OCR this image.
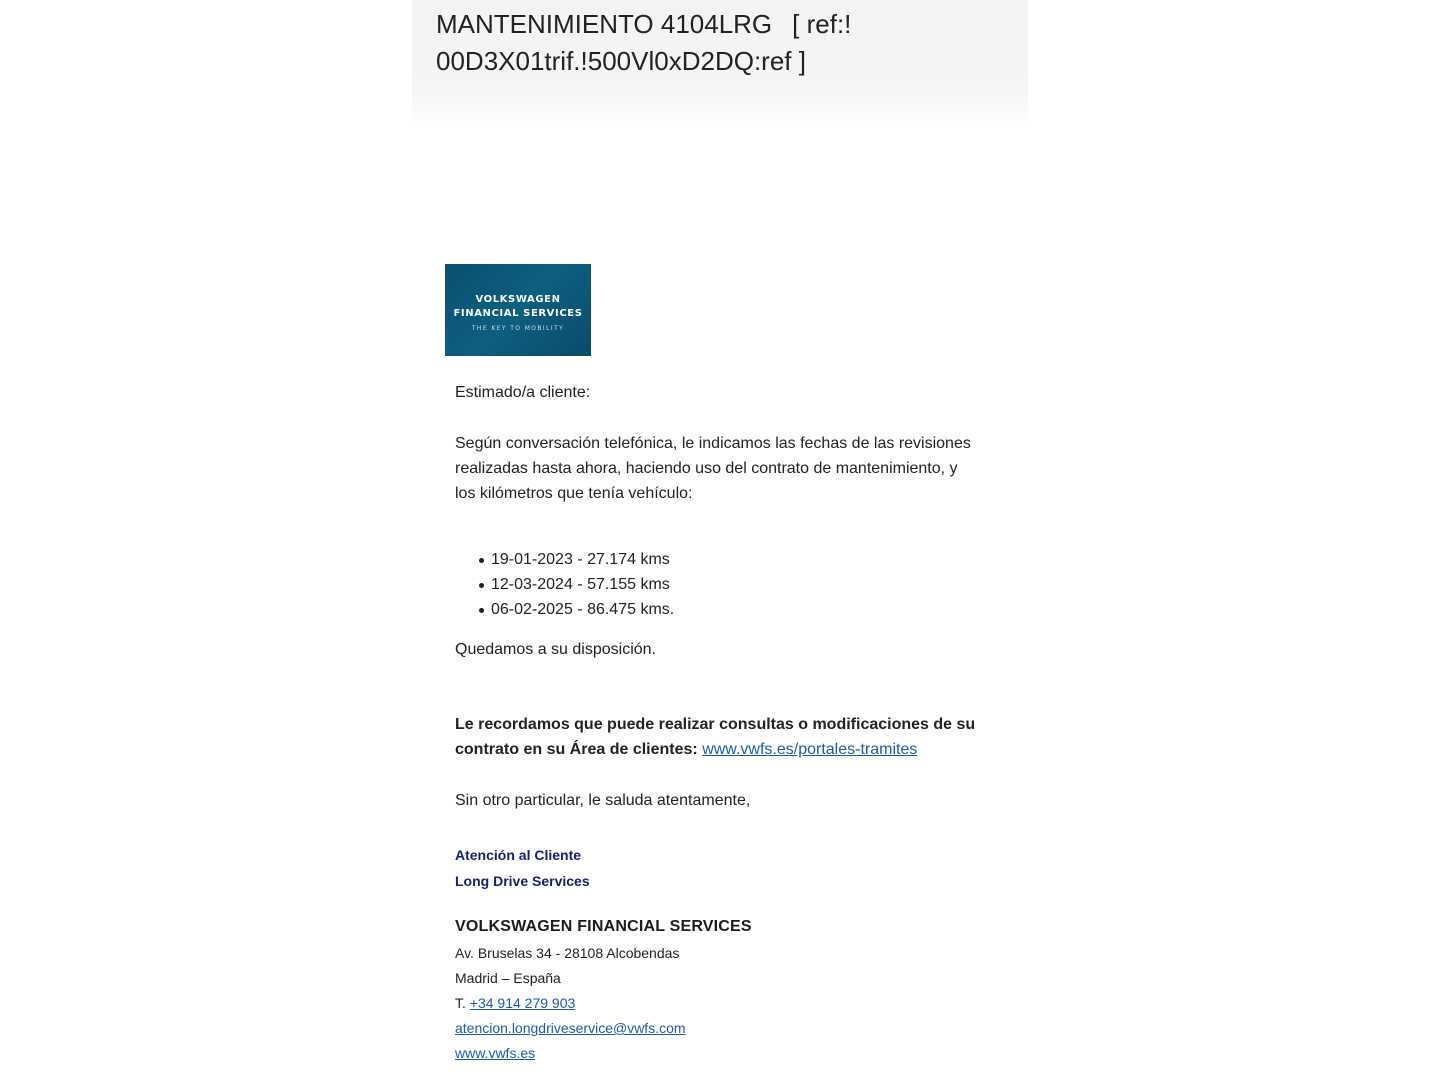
MANTENIMIENTO 4104LRG [ ref:! 00D3X01trif.!500Vl0xD2DQ:ref ]
VOLKSWAGEN
FINANCIAL SERVICES
THE KEY TO MOBILITY

Estimado/a cliente:

Según conversación telefónica, le indicamos las fechas de las revisiones realizadas hasta ahora, haciendo uso del contrato de mantenimiento, y los kilómetros que tenía vehículo:

19-01-2023 - 27.174 kms
12-03-2024 - 57.155 kms
06-02-2025 - 86.475 kms.

Quedamos a su disposición.

Le recordamos que puede realizar consultas o modificaciones de su contrato en su Área de clientes: www.vwfs.es/portales-tramites

Sin otro particular, le saluda atentamente,

Atención al Cliente

Long Drive Services

VOLKSWAGEN FINANCIAL SERVICES

Av. Bruselas 34 - 28108 Alcobendas
Madrid – España
T. +34 914 279 903
atencion.longdriveservice@vwfs.com
www.vwfs.es
